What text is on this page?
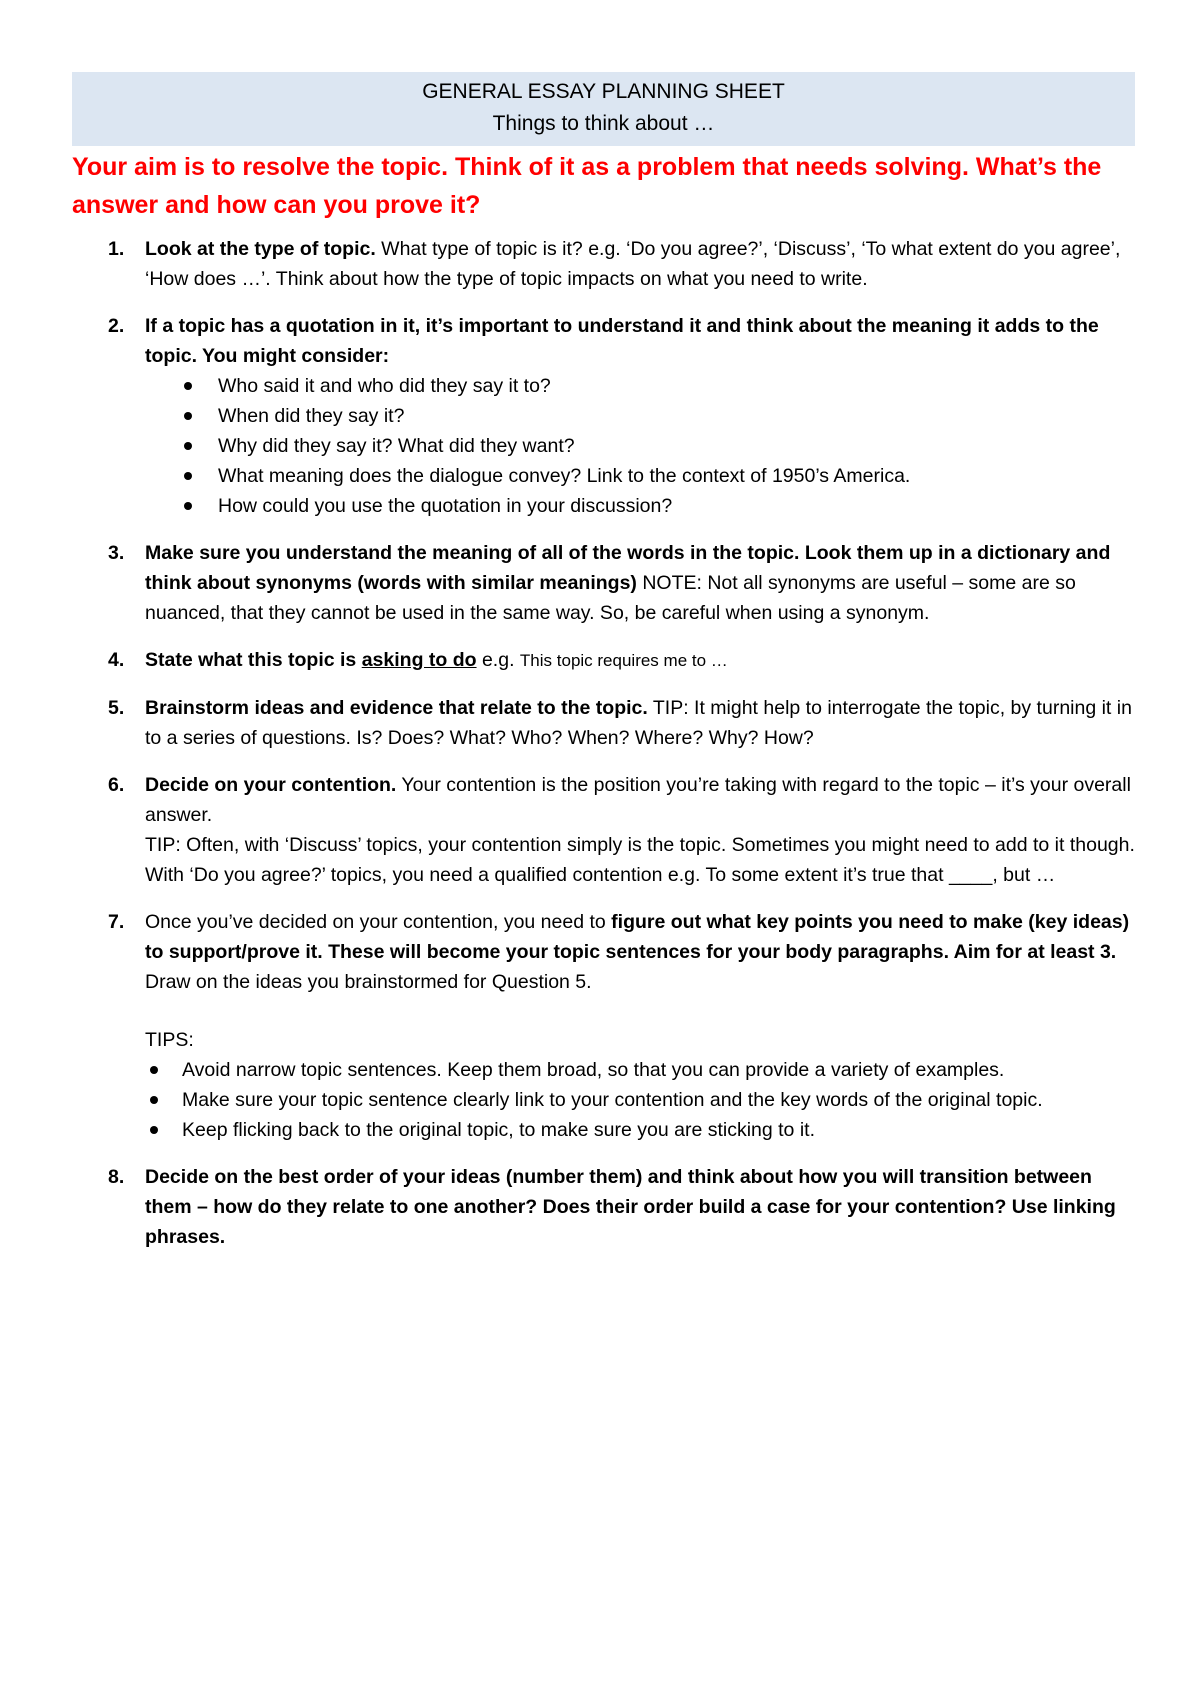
GENERAL ESSAY PLANNING SHEET
Things to think about …
Your aim is to resolve the topic. Think of it as a problem that needs solving. What’s the answer and how can you prove it?
1. Look at the type of topic. What type of topic is it? e.g. ‘Do you agree?’, ‘Discuss’, ‘To what extent do you agree’, ‘How does …’. Think about how the type of topic impacts on what you need to write.
2. If a topic has a quotation in it, it’s important to understand it and think about the meaning it adds to the topic. You might consider:
Who said it and who did they say it to?
When did they say it?
Why did they say it? What did they want?
What meaning does the dialogue convey? Link to the context of 1950’s America.
How could you use the quotation in your discussion?
3. Make sure you understand the meaning of all of the words in the topic. Look them up in a dictionary and think about synonyms (words with similar meanings) NOTE: Not all synonyms are useful – some are so nuanced, that they cannot be used in the same way. So, be careful when using a synonym.
4. State what this topic is asking to do e.g. This topic requires me to …
5. Brainstorm ideas and evidence that relate to the topic. TIP: It might help to interrogate the topic, by turning it in to a series of questions. Is? Does? What? Who? When? Where? Why? How?
6. Decide on your contention. Your contention is the position you’re taking with regard to the topic – it’s your overall answer.
TIP: Often, with ‘Discuss’ topics, your contention simply is the topic. Sometimes you might need to add to it though. With ‘Do you agree?’ topics, you need a qualified contention e.g. To some extent it’s true that ____, but …
7. Once you’ve decided on your contention, you need to figure out what key points you need to make (key ideas) to support/prove it. These will become your topic sentences for your body paragraphs. Aim for at least 3. Draw on the ideas you brainstormed for Question 5.
TIPS:
Avoid narrow topic sentences. Keep them broad, so that you can provide a variety of examples.
Make sure your topic sentence clearly link to your contention and the key words of the original topic.
Keep flicking back to the original topic, to make sure you are sticking to it.
8. Decide on the best order of your ideas (number them) and think about how you will transition between them – how do they relate to one another? Does their order build a case for your contention? Use linking phrases.
